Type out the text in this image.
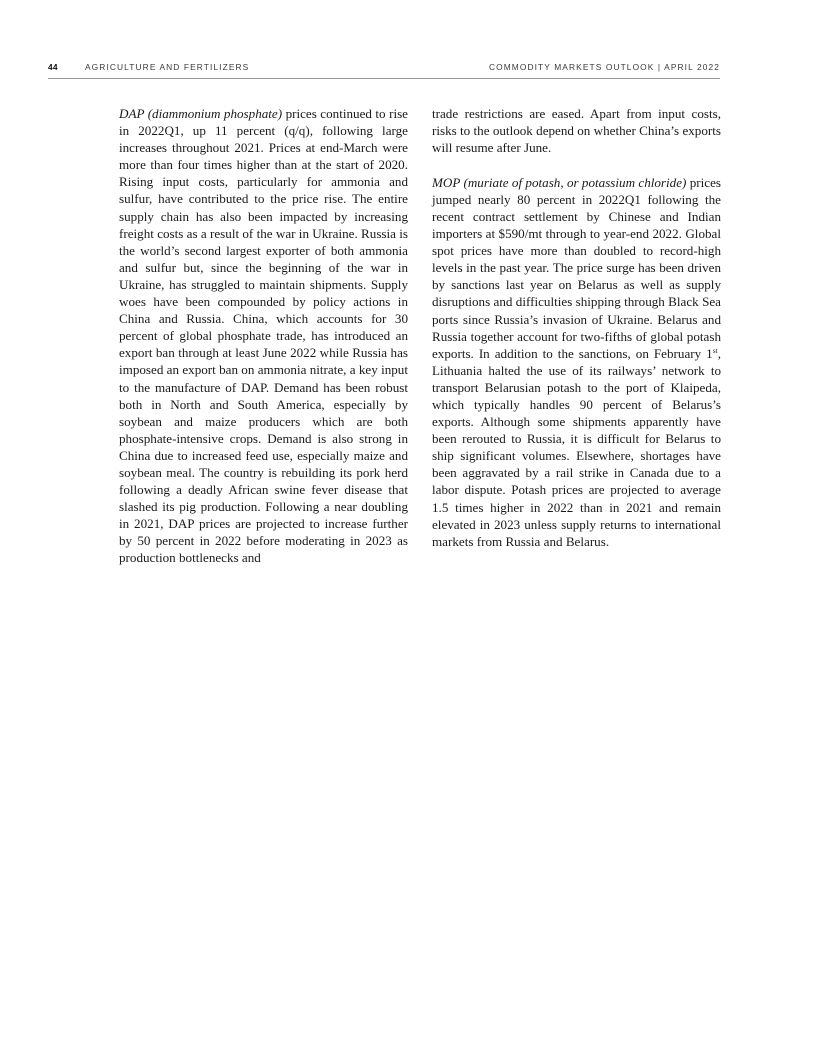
44	AGRICULTURE AND FERTILIZERS	COMMODITY MARKETS OUTLOOK | APRIL 2022

DAP (diammonium phosphate) prices continued to rise in 2022Q1, up 11 percent (q/q), following large increases throughout 2021. Prices at end-March were more than four times higher than at the start of 2020. Rising input costs, particularly for ammonia and sulfur, have contributed to the price rise. The entire supply chain has also been impacted by increasing freight costs as a result of the war in Ukraine. Russia is the world’s second largest exporter of both ammonia and sulfur but, since the beginning of the war in Ukraine, has struggled to maintain shipments. Supply woes have been compounded by policy actions in China and Russia. China, which accounts for 30 percent of global phosphate trade, has introduced an export ban through at least June 2022 while Russia has imposed an export ban on ammonia nitrate, a key input to the manufacture of DAP. Demand has been robust both in North and South America, especially by soybean and maize producers which are both phosphate-intensive crops. Demand is also strong in China due to increased feed use, especially maize and soybean meal. The country is rebuilding its pork herd following a deadly African swine fever disease that slashed its pig production. Following a near doubling in 2021, DAP prices are projected to increase further by 50 percent in 2022 before moderating in 2023 as production bottlenecks and

trade restrictions are eased. Apart from input costs, risks to the outlook depend on whether China’s exports will resume after June.

MOP (muriate of potash, or potassium chloride) prices jumped nearly 80 percent in 2022Q1 following the recent contract settlement by Chinese and Indian importers at $590/mt through to year-end 2022. Global spot prices have more than doubled to record-high levels in the past year. The price surge has been driven by sanctions last year on Belarus as well as supply disruptions and difficulties shipping through Black Sea ports since Russia’s invasion of Ukraine. Belarus and Russia together account for two-fifths of global potash exports. In addition to the sanctions, on February 1st, Lithuania halted the use of its railways’ network to transport Belarusian potash to the port of Klaipeda, which typically handles 90 percent of Belarus’s exports. Although some shipments apparently have been rerouted to Russia, it is difficult for Belarus to ship significant volumes. Elsewhere, shortages have been aggravated by a rail strike in Canada due to a labor dispute. Potash prices are projected to average 1.5 times higher in 2022 than in 2021 and remain elevated in 2023 unless supply returns to international markets from Russia and Belarus.
